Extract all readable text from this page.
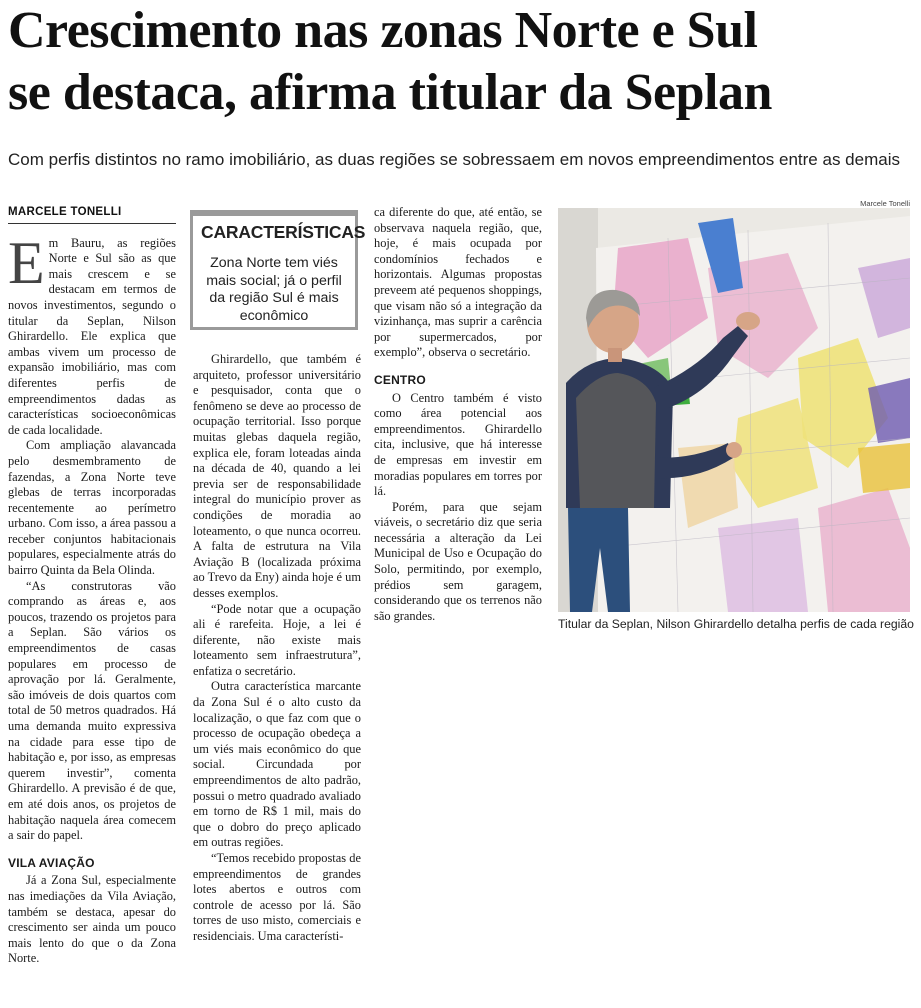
Crescimento nas zonas Norte e Sul
se destaca, afirma titular da Seplan

Com perfis distintos no ramo imobiliário, as duas regiões se sobressaem em novos empreendimentos entre as demais

MARCELE TONELLI

Em Bauru, as regiões Norte e Sul são as que mais crescem e se destacam em termos de novos investimentos, segundo o titular da Seplan, Nilson Ghirardello. Ele explica que ambas vivem um processo de expansão imobiliário, mas com diferentes perfis de empreendimentos dadas as características socioeconômicas de cada localidade.

Com ampliação alavancada pelo desmembramento de fazendas, a Zona Norte teve glebas de terras incorporadas recentemente ao perímetro urbano. Com isso, a área passou a receber conjuntos habitacionais populares, especialmente atrás do bairro Quinta da Bela Olinda.

“As construtoras vão comprando as áreas e, aos poucos, trazendo os projetos para a Seplan. São vários os empreendimentos de casas populares em processo de aprovação por lá. Geralmente, são imóveis de dois quartos com total de 50 metros quadrados. Há uma demanda muito expressiva na cidade para esse tipo de habitação e, por isso, as empresas querem investir”, comenta Ghirardello. A previsão é de que, em até dois anos, os projetos de habitação naquela área comecem a sair do papel.

VILA AVIAÇÃO

Já a Zona Sul, especialmente nas imediações da Vila Aviação, também se destaca, apesar do crescimento ser ainda um pouco mais lento do que o da Zona Norte.

CARACTERÍSTICAS
Zona Norte tem viés mais social; já o perfil da região Sul é mais econômico

Ghirardello, que também é arquiteto, professor universitário e pesquisador, conta que o fenômeno se deve ao processo de ocupação territorial. Isso porque muitas glebas daquela região, explica ele, foram loteadas ainda na década de 40, quando a lei previa ser de responsabilidade integral do município prover as condições de moradia ao loteamento, o que nunca ocorreu. A falta de estrutura na Vila Aviação B (localizada próxima ao Trevo da Eny) ainda hoje é um desses exemplos.

“Pode notar que a ocupação ali é rarefeita. Hoje, a lei é diferente, não existe mais loteamento sem infraestrutura”, enfatiza o secretário.

Outra característica marcante da Zona Sul é o alto custo da localização, o que faz com que o processo de ocupação obedeça a um viés mais econômico do que social. Circundada por empreendimentos de alto padrão, possui o metro quadrado avaliado em torno de R$ 1 mil, mais do que o dobro do preço aplicado em outras regiões.

“Temos recebido propostas de empreendimentos de grandes lotes abertos e outros com controle de acesso por lá. São torres de uso misto, comerciais e residenciais. Uma característi-

ca diferente do que, até então, se observava naquela região, que, hoje, é mais ocupada por condomínios fechados e horizontais. Algumas propostas preveem até pequenos shoppings, que visam não só a integração da vizinhança, mas suprir a carência por supermercados, por exemplo”, observa o secretário.

CENTRO

O Centro também é visto como área potencial aos empreendimentos. Ghirardello cita, inclusive, que há interesse de empresas em investir em moradias populares em torres por lá.

Porém, para que sejam viáveis, o secretário diz que seria necessária a alteração da Lei Municipal de Uso e Ocupação do Solo, permitindo, por exemplo, prédios sem garagem, considerando que os terrenos não são grandes.

Marcele Tonelli
Titular da Seplan, Nilson Ghirardello detalha perfis de cada região
